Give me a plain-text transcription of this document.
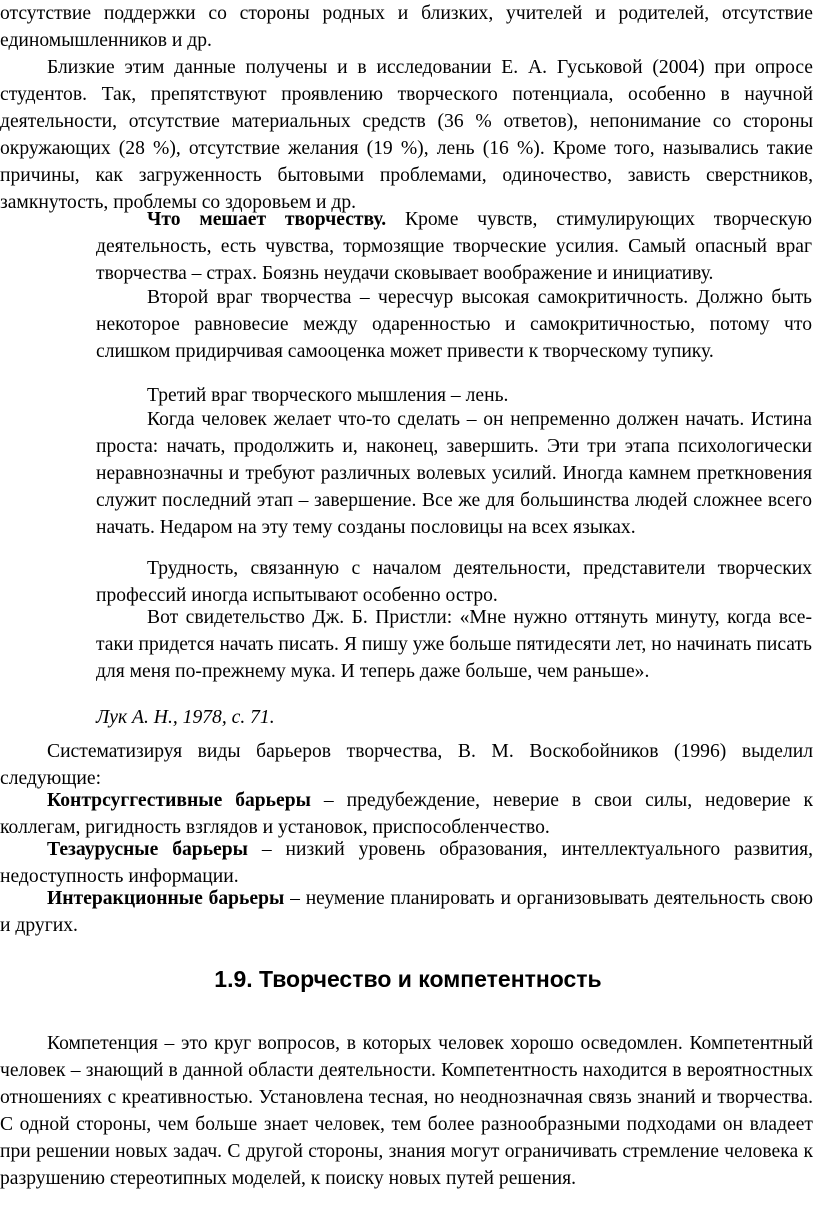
отсутствие поддержки со стороны родных и близких, учителей и родителей, отсутствие единомышленников и др.

Близкие этим данные получены и в исследовании Е. А. Гуськовой (2004) при опросе студентов. Так, препятствуют проявлению творческого потенциала, особенно в научной деятельности, отсутствие материальных средств (36 % ответов), непонимание со стороны окружающих (28 %), отсутствие желания (19 %), лень (16 %). Кроме того, назывались такие причины, как загруженность бытовыми проблемами, одиночество, зависть сверстников, замкнутость, проблемы со здоровьем и др.

Что мешает творчеству. Кроме чувств, стимулирующих творческую деятельность, есть чувства, тормозящие творческие усилия. Самый опасный враг творчества – страх. Боязнь неудачи сковывает воображение и инициативу.

Второй враг творчества – чересчур высокая самокритичность. Должно быть некоторое равновесие между одаренностью и самокритичностью, потому что слишком придирчивая самооценка может привести к творческому тупику.

Третий враг творческого мышления – лень.

Когда человек желает что-то сделать – он непременно должен начать. Истина проста: начать, продолжить и, наконец, завершить. Эти три этапа психологически неравнозначны и требуют различных волевых усилий. Иногда камнем преткновения служит последний этап – завершение. Все же для большинства людей сложнее всего начать. Недаром на эту тему созданы пословицы на всех языках.

Трудность, связанную с началом деятельности, представители творческих профессий иногда испытывают особенно остро.

Вот свидетельство Дж. Б. Пристли: «Мне нужно оттянуть минуту, когда все-таки придется начать писать. Я пишу уже больше пятидесяти лет, но начинать писать для меня по-прежнему мука. И теперь даже больше, чем раньше».

Лук А. Н., 1978, с. 71.

Систематизируя виды барьеров творчества, В. М. Воскобойников (1996) выделил следующие:

Контрсуггестивные барьеры – предубеждение, неверие в свои силы, недоверие к коллегам, ригидность взглядов и установок, приспособленчество.

Тезаурусные барьеры – низкий уровень образования, интеллектуального развития, недоступность информации.

Интеракционные барьеры – неумение планировать и организовывать деятельность свою и других.

1.9. Творчество и компетентность

Компетенция – это круг вопросов, в которых человек хорошо осведомлен. Компетентный человек – знающий в данной области деятельности. Компетентность находится в вероятностных отношениях с креативностью. Установлена тесная, но неоднозначная связь знаний и творчества. С одной стороны, чем больше знает человек, тем более разнообразными подходами он владеет при решении новых задач. С другой стороны, знания могут ограничивать стремление человека к разрушению стереотипных моделей, к поиску новых путей решения.
